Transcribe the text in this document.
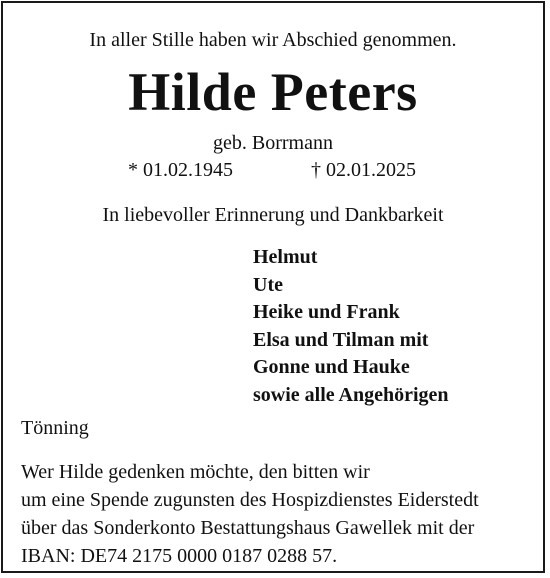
In aller Stille haben wir Abschied genommen.
Hilde Peters
geb. Borrmann
* 01.02.1945	† 02.01.2025
In liebevoller Erinnerung und Dankbarkeit
Helmut
Ute
Heike und Frank
Elsa und Tilman mit
Gonne und Hauke
sowie alle Angehörigen
Tönning
Wer Hilde gedenken möchte, den bitten wir
um eine Spende zugunsten des Hospizdienstes Eiderstedt
über das Sonderkonto Bestattungshaus Gawellek mit der
IBAN: DE74 2175 0000 0187 0288 57.
